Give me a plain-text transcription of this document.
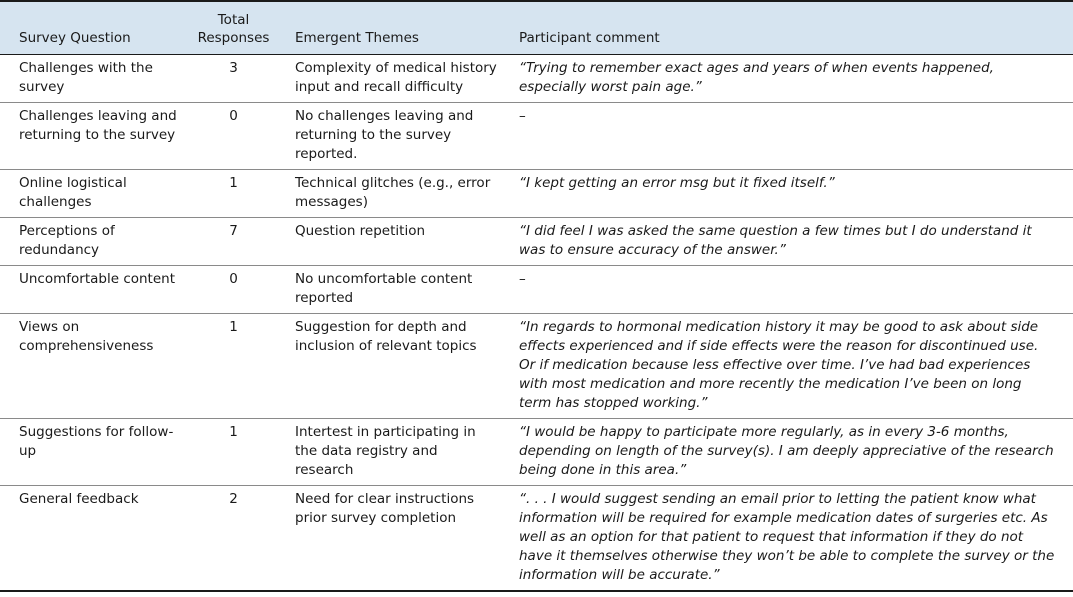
Survey Question	Total Responses	Emergent Themes	Participant comment
Challenges with the survey	3	Complexity of medical history input and recall difficulty	“Trying to remember exact ages and years of when events happened, especially worst pain age.”
Challenges leaving and returning to the survey	0	No challenges leaving and returning to the survey reported.	–
Online logistical challenges	1	Technical glitches (e.g., error messages)	“I kept getting an error msg but it fixed itself.”
Perceptions of redundancy	7	Question repetition	“I did feel I was asked the same question a few times but I do understand it was to ensure accuracy of the answer.”
Uncomfortable content	0	No uncomfortable content reported	–
Views on comprehensiveness	1	Suggestion for depth and inclusion of relevant topics	“In regards to hormonal medication history it may be good to ask about side effects experienced and if side effects were the reason for discontinued use. Or if medication because less effective over time. I’ve had bad experiences with most medication and more recently the medication I’ve been on long term has stopped working.”
Suggestions for follow-up	1	Intertest in participating in the data registry and research	“I would be happy to participate more regularly, as in every 3-6 months, depending on length of the survey(s). I am deeply appreciative of the research being done in this area.”
General feedback	2	Need for clear instructions prior survey completion	“. . . I would suggest sending an email prior to letting the patient know what information will be required for example medication dates of surgeries etc. As well as an option for that patient to request that information if they do not have it themselves otherwise they won’t be able to complete the survey or the information will be accurate.”
